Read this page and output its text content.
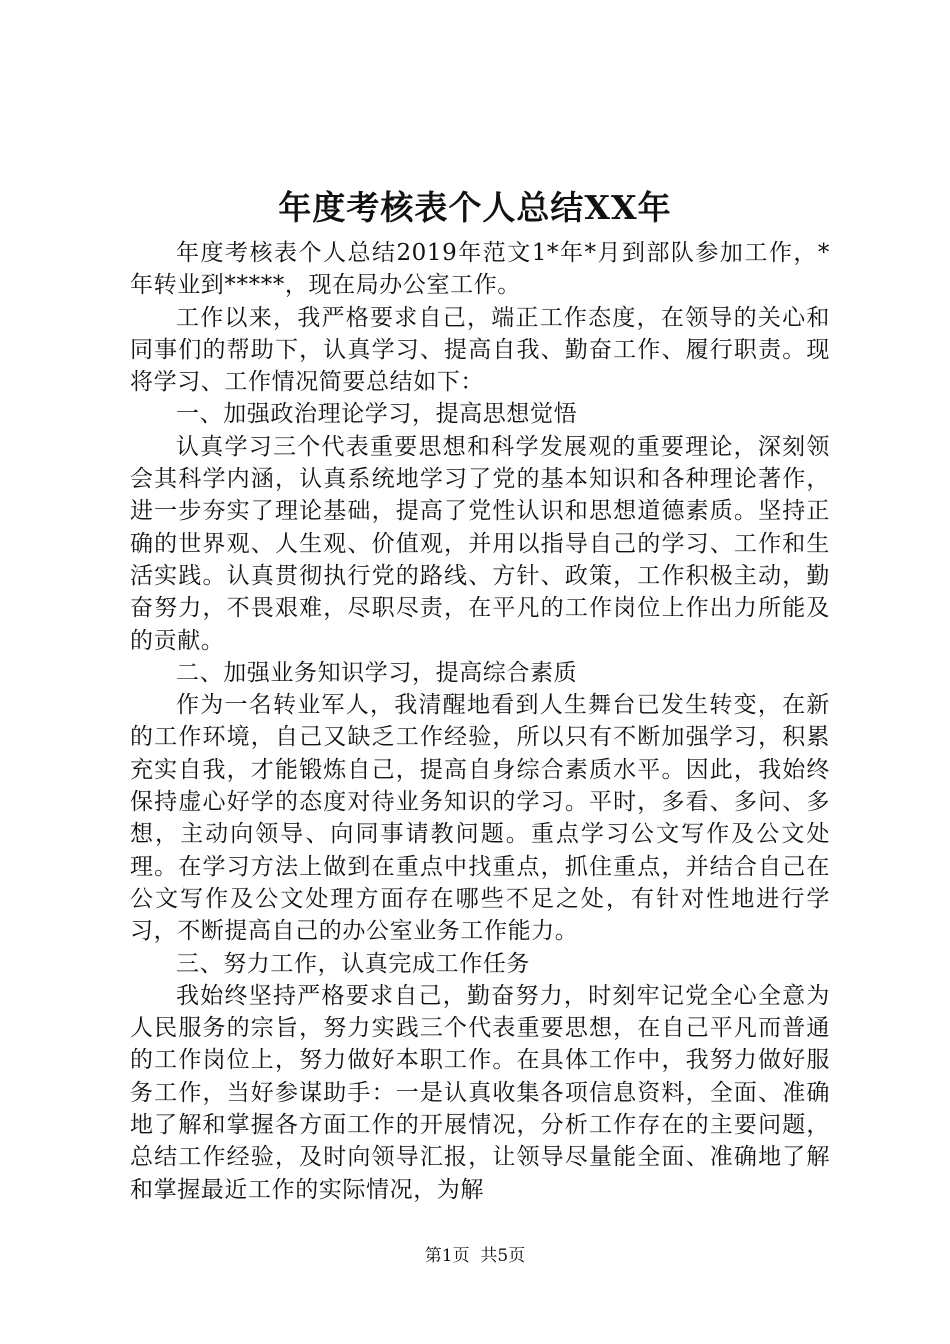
年度考核表个人总结XX年

年度考核表个人总结2019年范文1*年*月到部队参加工作，*年转业到*****，现在局办公室工作。

工作以来，我严格要求自己，端正工作态度，在领导的关心和同事们的帮助下，认真学习、提高自我、勤奋工作、履行职责。现将学习、工作情况简要总结如下：

一、加强政治理论学习，提高思想觉悟

认真学习三个代表重要思想和科学发展观的重要理论，深刻领会其科学内涵，认真系统地学习了党的基本知识和各种理论著作，进一步夯实了理论基础，提高了党性认识和思想道德素质。坚持正确的世界观、人生观、价值观，并用以指导自己的学习、工作和生活实践。认真贯彻执行党的路线、方针、政策，工作积极主动，勤奋努力，不畏艰难，尽职尽责，在平凡的工作岗位上作出力所能及的贡献。

二、加强业务知识学习，提高综合素质

作为一名转业军人，我清醒地看到人生舞台已发生转变，在新的工作环境，自己又缺乏工作经验，所以只有不断加强学习，积累充实自我，才能锻炼自己，提高自身综合素质水平。因此，我始终保持虚心好学的态度对待业务知识的学习。平时，多看、多问、多想，主动向领导、向同事请教问题。重点学习公文写作及公文处理。在学习方法上做到在重点中找重点，抓住重点，并结合自己在公文写作及公文处理方面存在哪些不足之处，有针对性地进行学习，不断提高自己的办公室业务工作能力。

三、努力工作，认真完成工作任务

我始终坚持严格要求自己，勤奋努力，时刻牢记党全心全意为人民服务的宗旨，努力实践三个代表重要思想，在自己平凡而普通的工作岗位上，努力做好本职工作。在具体工作中，我努力做好服务工作，当好参谋助手：一是认真收集各项信息资料，全面、准确地了解和掌握各方面工作的开展情况，分析工作存在的主要问题，总结工作经验，及时向领导汇报，让领导尽量能全面、准确地了解和掌握最近工作的实际情况，为解

第1页 共5页
